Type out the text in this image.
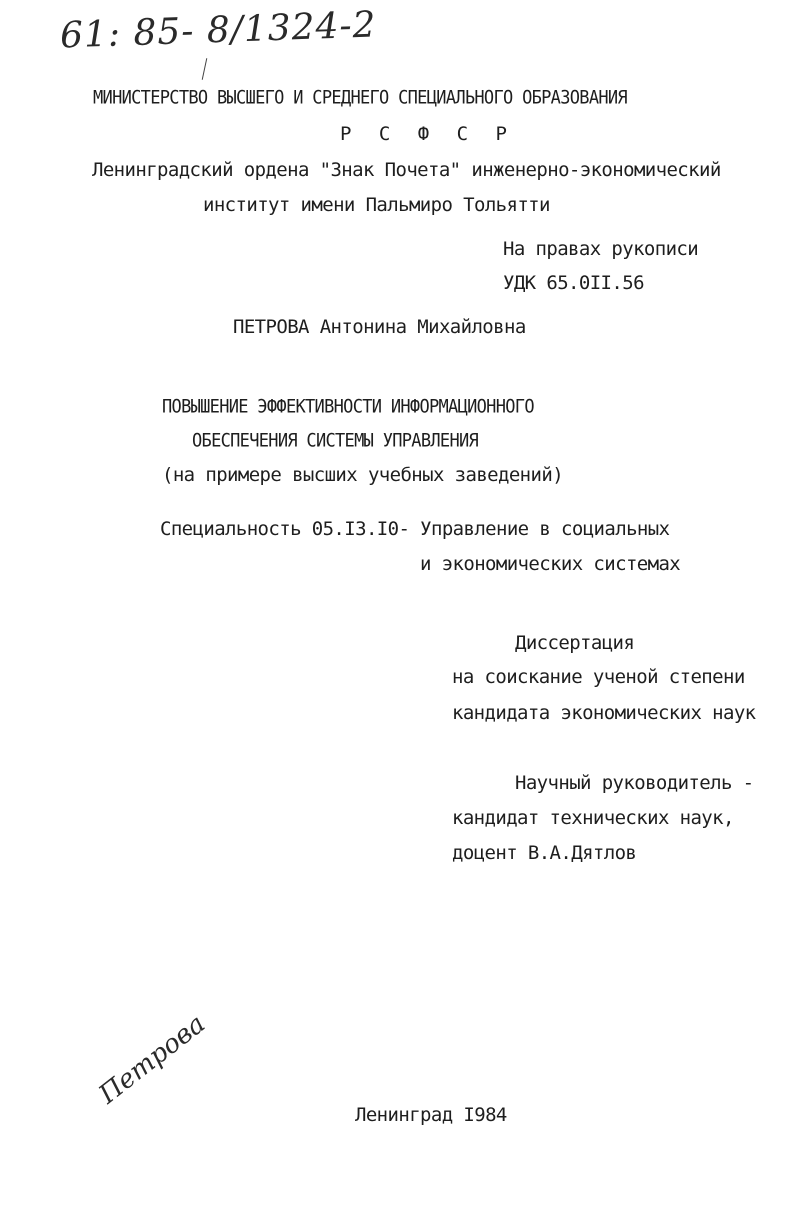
61: 85- 8/1324-2
МИНИСТЕРСТВО ВЫСШЕГО И СРЕДНЕГО СПЕЦИАЛЬНОГО ОБРАЗОВАНИЯ
Р С Ф С Р
Ленинградский ордена "Знак Почета" инженерно-экономический
институт имени Пальмиро Тольятти
На правах рукописи
УДК 65.0II.56
ПЕТРОВА Антонина Михайловна
ПОВЫШЕНИЕ ЭФФЕКТИВНОСТИ ИНФОРМАЦИОННОГО
ОБЕСПЕЧЕНИЯ СИСТЕМЫ УПРАВЛЕНИЯ
(на примере высших учебных заведений)
Специальность 05.I3.I0- Управление в социальных
и экономических системах
Диссертация
на соискание ученой степени
кандидата экономических наук
Научный руководитель -
кандидат технических наук,
доцент В.А.Дятлов
Петрова
Ленинград I984
